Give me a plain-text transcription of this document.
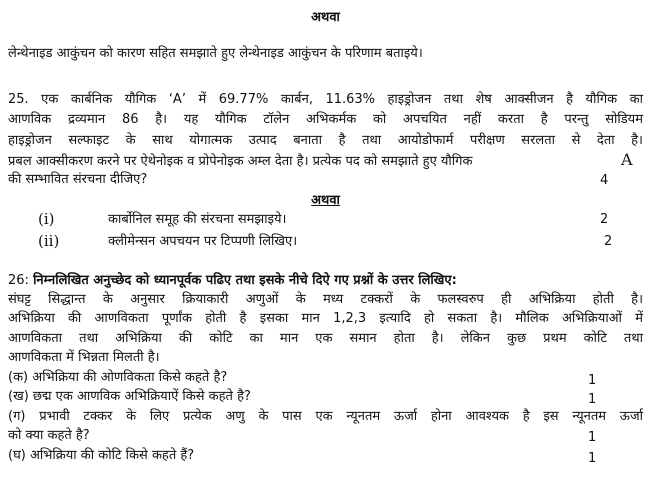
अथवा
लेन्थेनाइड आकुंचन को कारण सहित समझाते हुए लेन्थेनाइड आकुंचन के परिणाम बताइये।
25. एक कार्बनिक यौगिक ‘A’ में 69.77% कार्बन, 11.63% हाइड्रोजन तथा शेष आक्सीजन है यौगिक का
आणविक द्रव्यमान 86 है। यह यौगिक टॉलेन अभिकर्मक को अपचयित नहीं करता है परन्तु सोडियम
हाइड्रोजन सल्फाइट के साथ योगात्मक उत्पाद बनाता है तथा आयोडोफार्म परीक्षण सरलता से देता है।
प्रबल आक्सीकरण करने पर ऐथेनोइक व प्रोपेनोइक अम्ल देता है। प्रत्येक पद को समझाते हुए यौगिक	A
की सम्भावित संरचना दीजिए?	4
अथवा
(i)	कार्बोनिल समूह की संरचना समझाइये।	2
(ii)	क्लीमेन्सन अपचयन पर टिप्पणी लिखिए।	2
26: निम्नलिखित अनुच्छेद को ध्यानपूर्वक पढिए तथा इसके नीचे दिऐ गए प्रश्नों के उत्तर लिखिए:
संघट्ट सिद्धान्त के अनुसार क्रियाकारी अणुओं के मध्य टक्करों के फलस्वरुप ही अभिक्रिया होती है।
अभिक्रिया की आणविकता पूर्णांक होती है इसका मान 1,2,3 इत्यादि हो सकता है। मौलिक अभिक्रियाओं में
आणविकता तथा अभिक्रिया की कोटि का मान एक समान होता है। लेकिन कुछ प्रथम कोटि तथा
आणविकता में भिन्नता मिलती है।
(क) अभिक्रिया की ओणविकता किसे कहते है?	1
(ख) छद्म एक आणविक अभिक्रियाऐं किसे कहते है?	1
(ग) प्रभावी टक्कर के लिए प्रत्येक अणु के पास एक न्यूनतम ऊर्जा होना आवश्यक है इस न्यूनतम ऊर्जा
को क्या कहते है?	1
(घ) अभिक्रिया की कोटि किसे कहते हैं?	1
